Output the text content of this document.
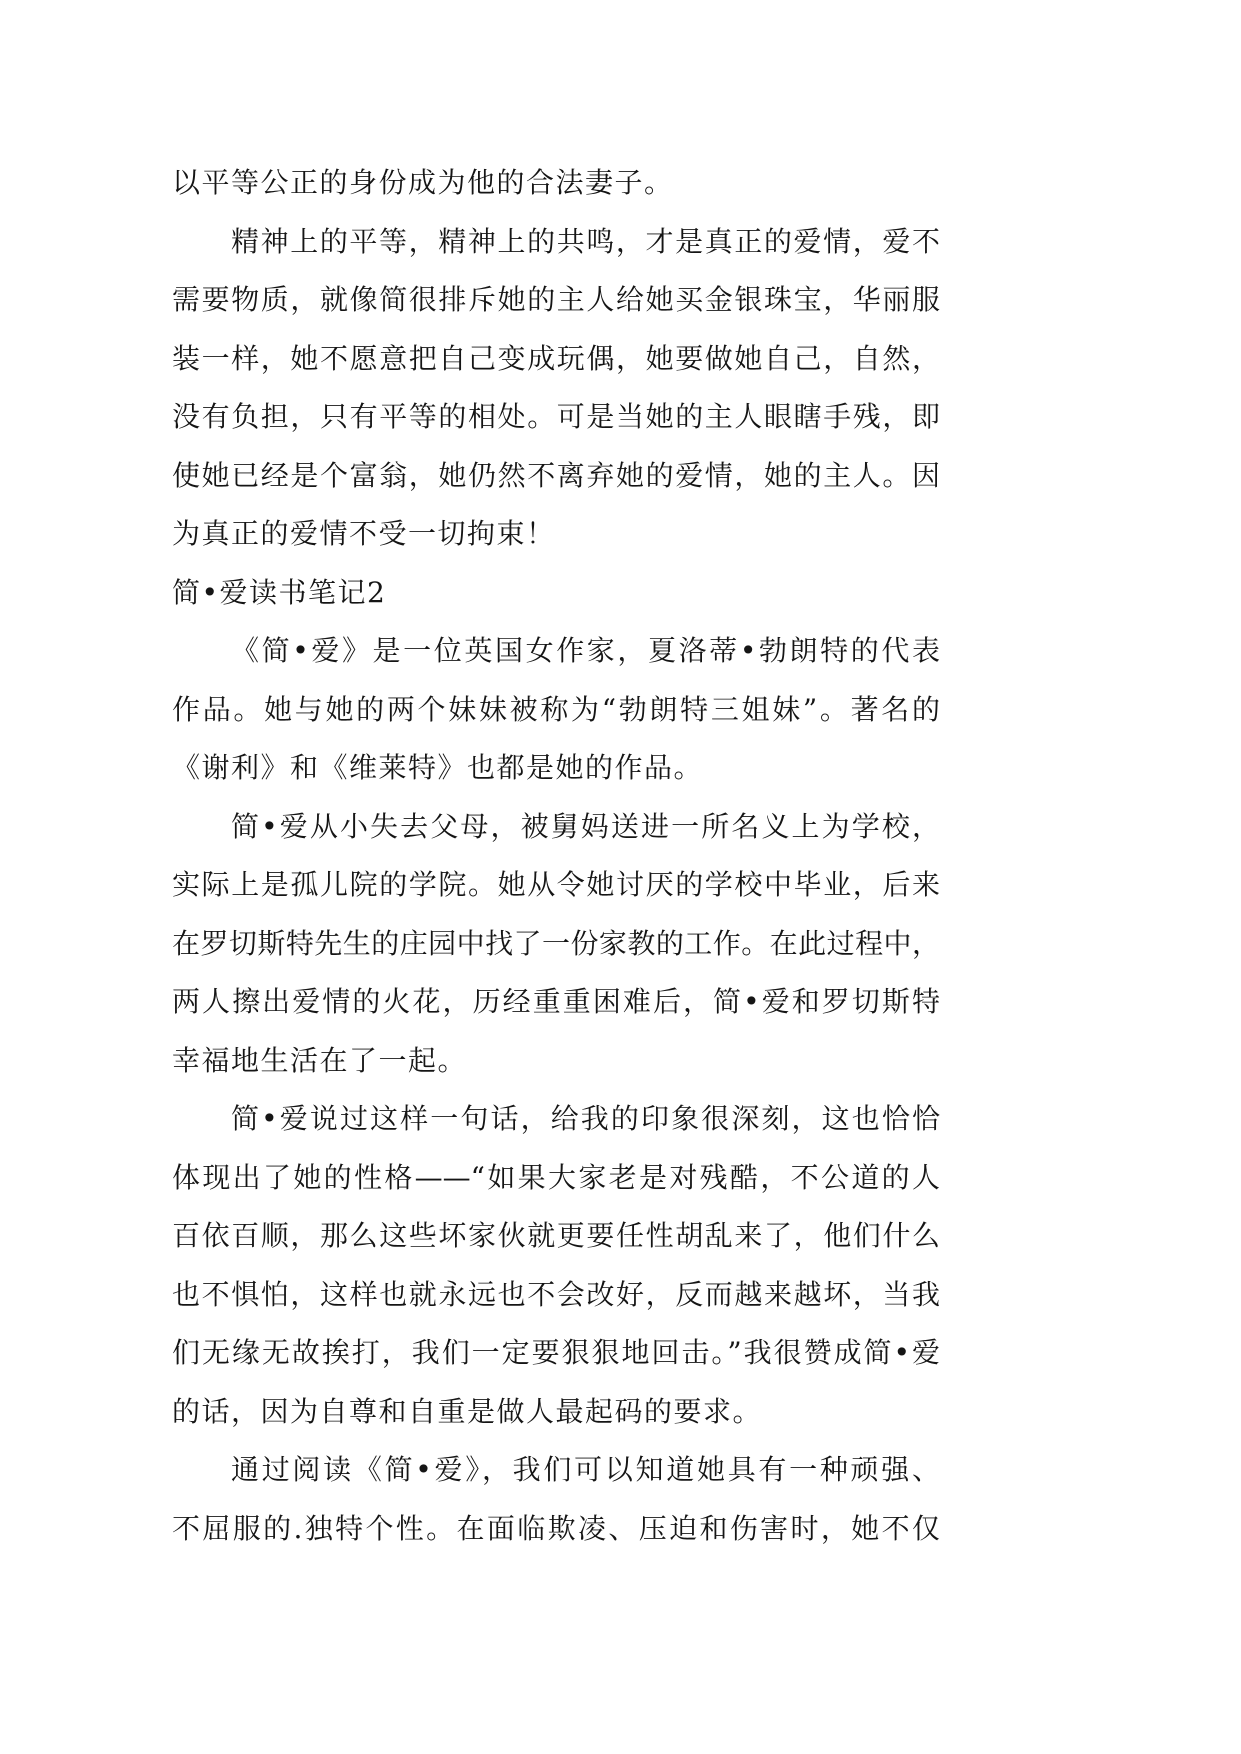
以平等公正的身份成为他的合法妻子。
精神上的平等，精神上的共鸣，才是真正的爱情，爱不
需要物质，就像简很排斥她的主人给她买金银珠宝，华丽服
装一样，她不愿意把自己变成玩偶，她要做她自己，自然，
没有负担，只有平等的相处。可是当她的主人眼瞎手残，即
使她已经是个富翁，她仍然不离弃她的爱情，她的主人。因
为真正的爱情不受一切拘束！
简•爱读书笔记2
《简•爱》是一位英国女作家，夏洛蒂•勃朗特的代表
作品。她与她的两个妹妹被称为“勃朗特三姐妹”。著名的
《谢利》和《维莱特》也都是她的作品。
简•爱从小失去父母，被舅妈送进一所名义上为学校，
实际上是孤儿院的学院。她从令她讨厌的学校中毕业，后来
在罗切斯特先生的庄园中找了一份家教的工作。在此过程中，
两人擦出爱情的火花，历经重重困难后，简•爱和罗切斯特
幸福地生活在了一起。
简•爱说过这样一句话，给我的印象很深刻，这也恰恰
体现出了她的性格——“如果大家老是对残酷，不公道的人
百依百顺，那么这些坏家伙就更要任性胡乱来了，他们什么
也不惧怕，这样也就永远也不会改好，反而越来越坏，当我
们无缘无故挨打，我们一定要狠狠地回击。”我很赞成简•爱
的话，因为自尊和自重是做人最起码的要求。
通过阅读《简•爱》，我们可以知道她具有一种顽强、
不屈服的.独特个性。在面临欺凌、压迫和伤害时，她不仅
